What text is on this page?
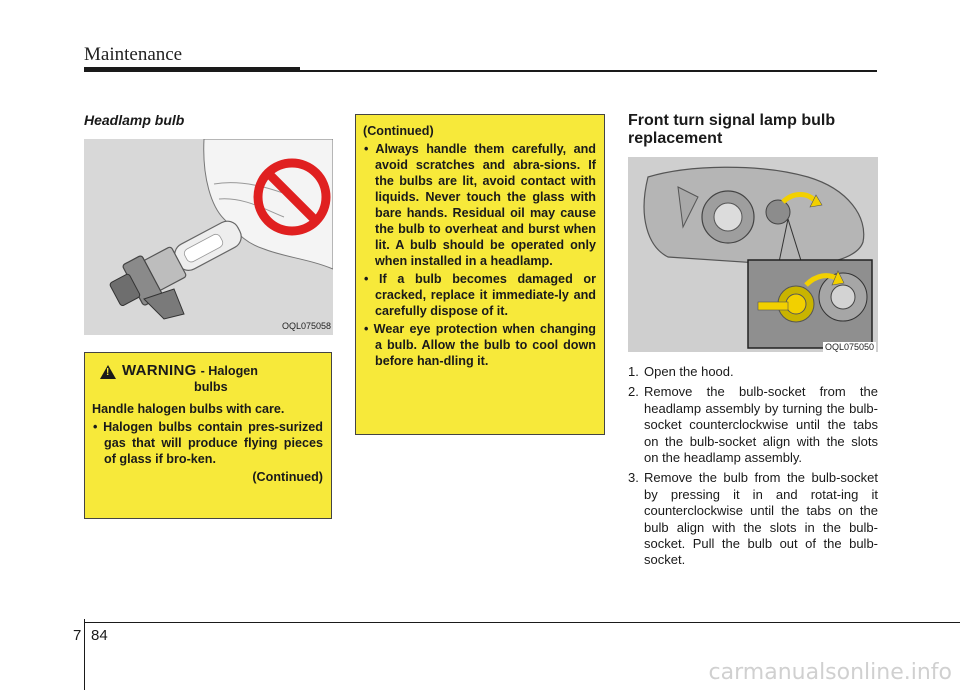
Maintenance
Headlamp bulb
OQL075058
! WARNING - Halogen
bulbs
Handle halogen bulbs with care.
• Halogen bulbs contain pres-surized gas that will produce flying pieces of glass if bro-ken.
(Continued)
(Continued)
• Always handle them carefully, and avoid scratches and abra-sions. If the bulbs are lit, avoid contact with liquids. Never touch the glass with bare hands. Residual oil may cause the bulb to overheat and burst when lit. A bulb should be operated only when installed in a headlamp.
• If a bulb becomes damaged or cracked, replace it immediate-ly and carefully dispose of it.
• Wear eye protection when changing a bulb. Allow the bulb to cool down before han-dling it.
Front turn signal lamp bulb replacement
OQL075050
1. Open the hood.
2. Remove the bulb-socket from the headlamp assembly by turning the bulb-socket counterclockwise until the tabs on the bulb-socket align with the slots on the headlamp assembly.
3. Remove the bulb from the bulb-socket by pressing it in and rotat-ing it counterclockwise until the tabs on the bulb align with the slots in the bulb-socket. Pull the bulb out of the bulb-socket.
7 84
carmanualsonline.info
